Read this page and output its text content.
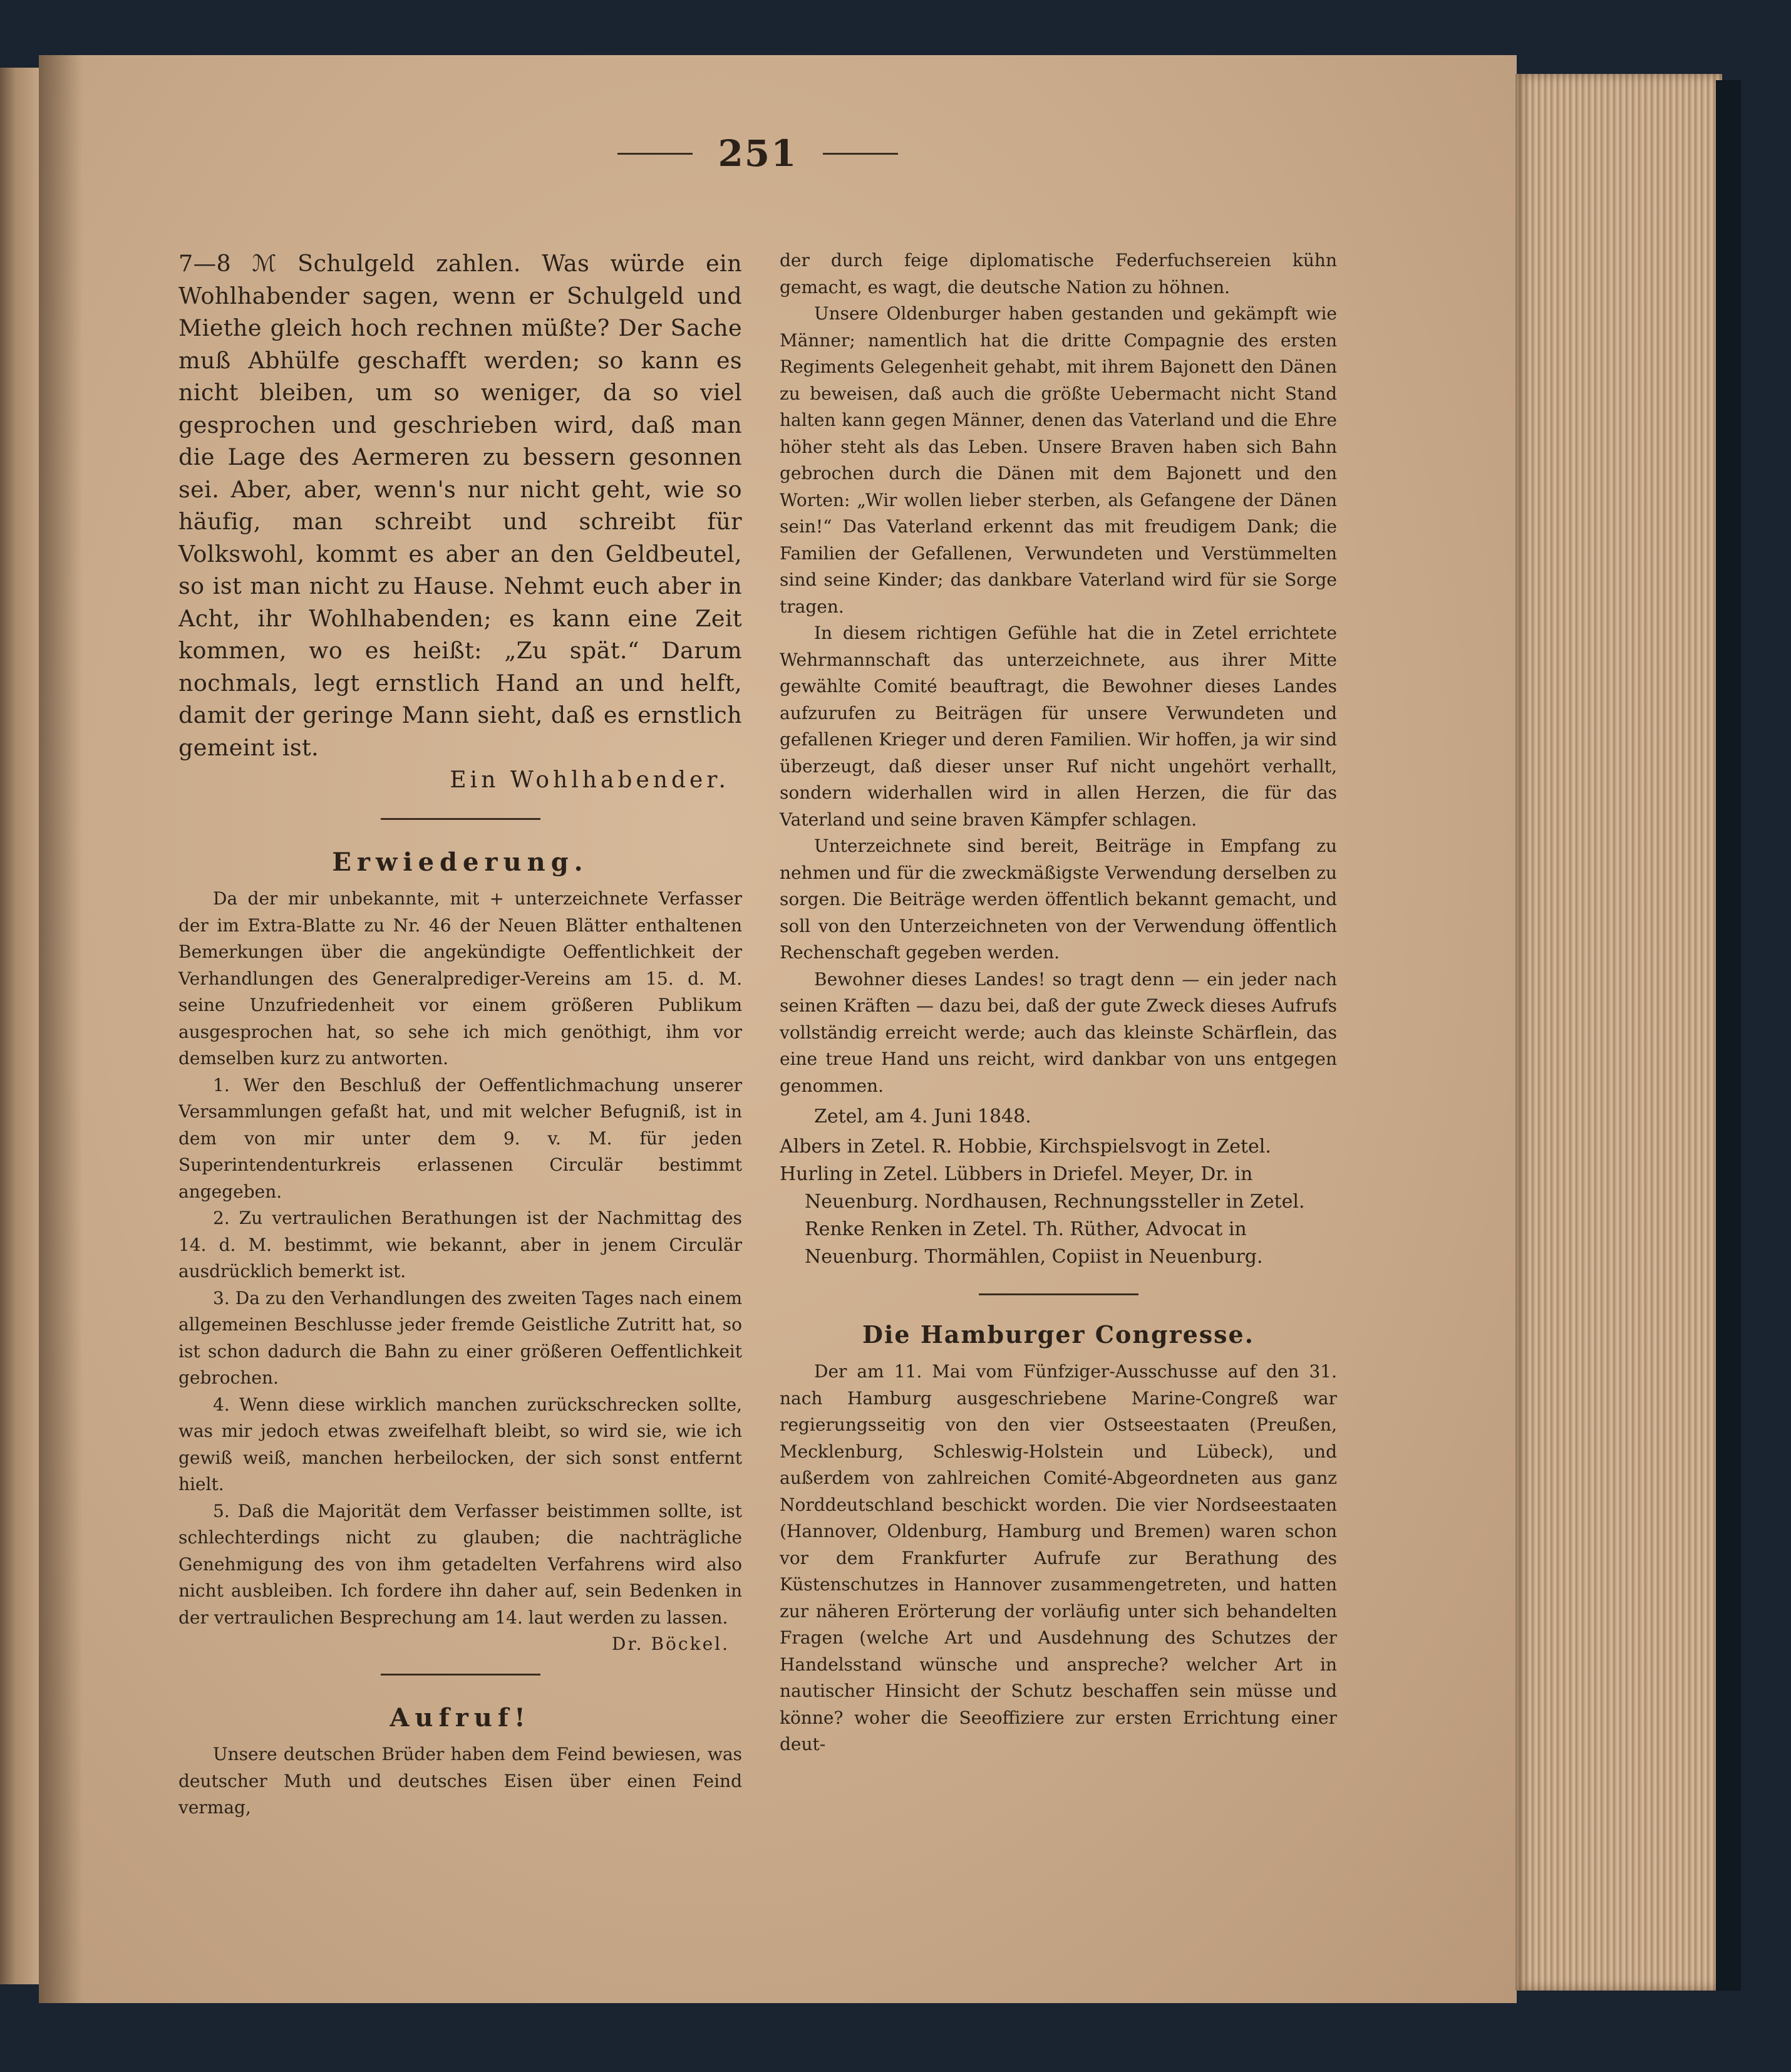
251

7—8 ℳ Schulgeld zahlen. Was würde ein Wohlhabender sagen, wenn er Schulgeld und Miethe gleich hoch rechnen müßte? Der Sache muß Abhülfe geschafft werden; so kann es nicht bleiben, um so weniger, da so viel gesprochen und geschrieben wird, daß man die Lage des Aermeren zu bessern gesonnen sei. Aber, aber, wenn's nur nicht geht, wie so häufig, man schreibt und schreibt für Volkswohl, kommt es aber an den Geldbeutel, so ist man nicht zu Hause. Nehmt euch aber in Acht, ihr Wohlhabenden; es kann eine Zeit kommen, wo es heißt: „Zu spät.“ Darum nochmals, legt ernstlich Hand an und helft, damit der geringe Mann sieht, daß es ernstlich gemeint ist.

Ein Wohlhabender.
Erwiederung.

Da der mir unbekannte, mit + unterzeichnete Verfasser der im Extra-Blatte zu Nr. 46 der Neuen Blätter enthaltenen Bemerkungen über die angekündigte Oeffentlichkeit der Verhandlungen des Generalprediger-Vereins am 15. d. M. seine Unzufriedenheit vor einem größeren Publikum ausgesprochen hat, so sehe ich mich genöthigt, ihm vor demselben kurz zu antworten.

1. Wer den Beschluß der Oeffentlichmachung unserer Versammlungen gefaßt hat, und mit welcher Befugniß, ist in dem von mir unter dem 9. v. M. für jeden Superintendenturkreis erlassenen Circulär bestimmt angegeben.

2. Zu vertraulichen Berathungen ist der Nachmittag des 14. d. M. bestimmt, wie bekannt, aber in jenem Circulär ausdrücklich bemerkt ist.

3. Da zu den Verhandlungen des zweiten Tages nach einem allgemeinen Beschlusse jeder fremde Geistliche Zutritt hat, so ist schon dadurch die Bahn zu einer größeren Oeffentlichkeit gebrochen.

4. Wenn diese wirklich manchen zurückschrecken sollte, was mir jedoch etwas zweifelhaft bleibt, so wird sie, wie ich gewiß weiß, manchen herbeilocken, der sich sonst entfernt hielt.

5. Daß die Majorität dem Verfasser beistimmen sollte, ist schlechterdings nicht zu glauben; die nachträgliche Genehmigung des von ihm getadelten Verfahrens wird also nicht ausbleiben. Ich fordere ihn daher auf, sein Bedenken in der vertraulichen Besprechung am 14. laut werden zu lassen.

Dr. Böckel.
Aufruf!

Unsere deutschen Brüder haben dem Feind bewiesen, was deutscher Muth und deutsches Eisen über einen Feind vermag,

der durch feige diplomatische Federfuchsereien kühn gemacht, es wagt, die deutsche Nation zu höhnen.

Unsere Oldenburger haben gestanden und gekämpft wie Männer; namentlich hat die dritte Compagnie des ersten Regiments Gelegenheit gehabt, mit ihrem Bajonett den Dänen zu beweisen, daß auch die größte Uebermacht nicht Stand halten kann gegen Männer, denen das Vaterland und die Ehre höher steht als das Leben. Unsere Braven haben sich Bahn gebrochen durch die Dänen mit dem Bajonett und den Worten: „Wir wollen lieber sterben, als Gefangene der Dänen sein!“ Das Vaterland erkennt das mit freudigem Dank; die Familien der Gefallenen, Verwundeten und Verstümmelten sind seine Kinder; das dankbare Vaterland wird für sie Sorge tragen.

In diesem richtigen Gefühle hat die in Zetel errichtete Wehrmannschaft das unterzeichnete, aus ihrer Mitte gewählte Comité beauftragt, die Bewohner dieses Landes aufzurufen zu Beiträgen für unsere Verwundeten und gefallenen Krieger und deren Familien. Wir hoffen, ja wir sind überzeugt, daß dieser unser Ruf nicht ungehört verhallt, sondern widerhallen wird in allen Herzen, die für das Vaterland und seine braven Kämpfer schlagen.

Unterzeichnete sind bereit, Beiträge in Empfang zu nehmen und für die zweckmäßigste Verwendung derselben zu sorgen. Die Beiträge werden öffentlich bekannt gemacht, und soll von den Unterzeichneten von der Verwendung öffentlich Rechenschaft gegeben werden.

Bewohner dieses Landes! so tragt denn — ein jeder nach seinen Kräften — dazu bei, daß der gute Zweck dieses Aufrufs vollständig erreicht werde; auch das kleinste Schärflein, das eine treue Hand uns reicht, wird dankbar von uns entgegen genommen.

Zetel, am 4. Juni 1848.
Albers in Zetel. R. Hobbie, Kirchspielsvogt in Zetel.
Hurling in Zetel. Lübbers in Driefel. Meyer, Dr. in
Neuenburg. Nordhausen, Rechnungssteller in Zetel.
Renke Renken in Zetel. Th. Rüther, Advocat in
Neuenburg. Thormählen, Copiist in Neuenburg.
Die Hamburger Congresse.

Der am 11. Mai vom Fünfziger-Ausschusse auf den 31. nach Hamburg ausgeschriebene Marine-Congreß war regierungsseitig von den vier Ostseestaaten (Preußen, Mecklenburg, Schleswig-Holstein und Lübeck), und außerdem von zahlreichen Comité-Abgeordneten aus ganz Norddeutschland beschickt worden. Die vier Nordseestaaten (Hannover, Oldenburg, Hamburg und Bremen) waren schon vor dem Frankfurter Aufrufe zur Berathung des Küstenschutzes in Hannover zusammengetreten, und hatten zur näheren Erörterung der vorläufig unter sich behandelten Fragen (welche Art und Ausdehnung des Schutzes der Handelsstand wünsche und anspreche? welcher Art in nautischer Hinsicht der Schutz beschaffen sein müsse und könne? woher die Seeoffiziere zur ersten Errichtung einer deut-
